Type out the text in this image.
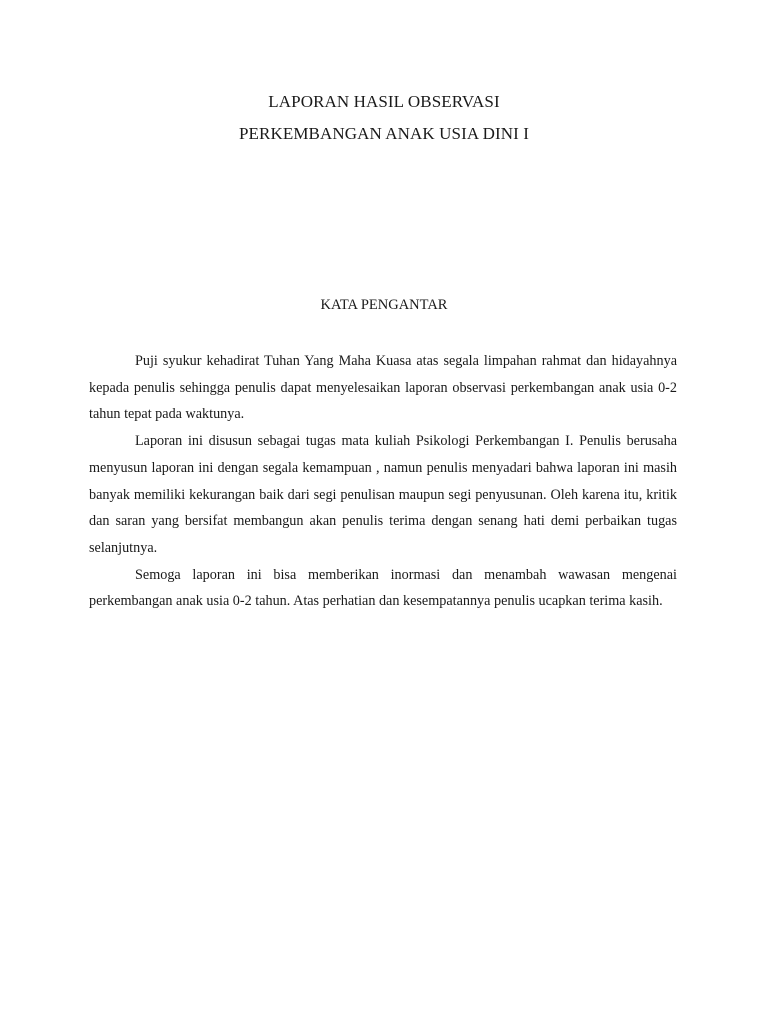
LAPORAN HASIL OBSERVASI
PERKEMBANGAN ANAK USIA DINI I
KATA PENGANTAR

Puji syukur kehadirat Tuhan Yang Maha Kuasa atas segala limpahan rahmat dan hidayahnya kepada penulis sehingga penulis dapat menyelesaikan laporan observasi perkembangan anak usia 0-2 tahun tepat pada waktunya.

Laporan ini disusun sebagai tugas mata kuliah Psikologi Perkembangan I. Penulis berusaha menyusun laporan ini dengan segala kemampuan , namun penulis menyadari bahwa laporan ini masih banyak memiliki kekurangan baik dari segi penulisan maupun segi penyusunan. Oleh karena itu, kritik dan saran yang bersifat membangun akan penulis terima dengan senang hati demi perbaikan tugas selanjutnya.

Semoga laporan ini bisa memberikan inormasi dan menambah wawasan mengenai perkembangan anak usia 0-2 tahun. Atas perhatian dan kesempatannya penulis ucapkan terima kasih.
